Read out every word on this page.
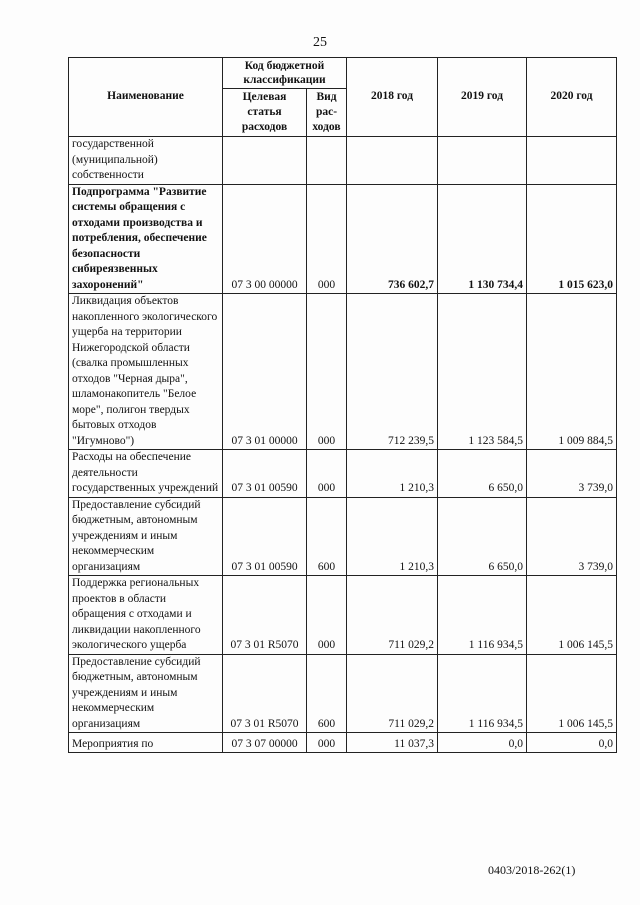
25
Наименование	Код бюджетной классификации		2018 год	2019 год	2020 год
	Целевая статья расходов	Вид рас- ходов			
государственной (муниципальной) собственности					
Подпрограмма "Развитие системы обращения с отходами производства и потребления, обеспечение безопасности сибиреязвенных захоронений"	07 3 00 00000	000	736 602,7	1 130 734,4	1 015 623,0
Ликвидация объектов накопленного экологического ущерба на территории Нижегородской области (свалка промышленных отходов "Черная дыра", шламонакопитель "Белое море", полигон твердых бытовых отходов "Игумново")	07 3 01 00000	000	712 239,5	1 123 584,5	1 009 884,5
Расходы на обеспечение деятельности государственных учреждений	07 3 01 00590	000	1 210,3	6 650,0	3 739,0
Предоставление субсидий бюджетным, автономным учреждениям и иным некоммерческим организациям	07 3 01 00590	600	1 210,3	6 650,0	3 739,0
Поддержка региональных проектов в области обращения с отходами и ликвидации накопленного экологического ущерба	07 3 01 R5070	000	711 029,2	1 116 934,5	1 006 145,5
Предоставление субсидий бюджетным, автономным учреждениям и иным некоммерческим организациям	07 3 01 R5070	600	711 029,2	1 116 934,5	1 006 145,5
Мероприятия по	07 3 07 00000	000	11 037,3	0,0	0,0
0403/2018-262(1)
